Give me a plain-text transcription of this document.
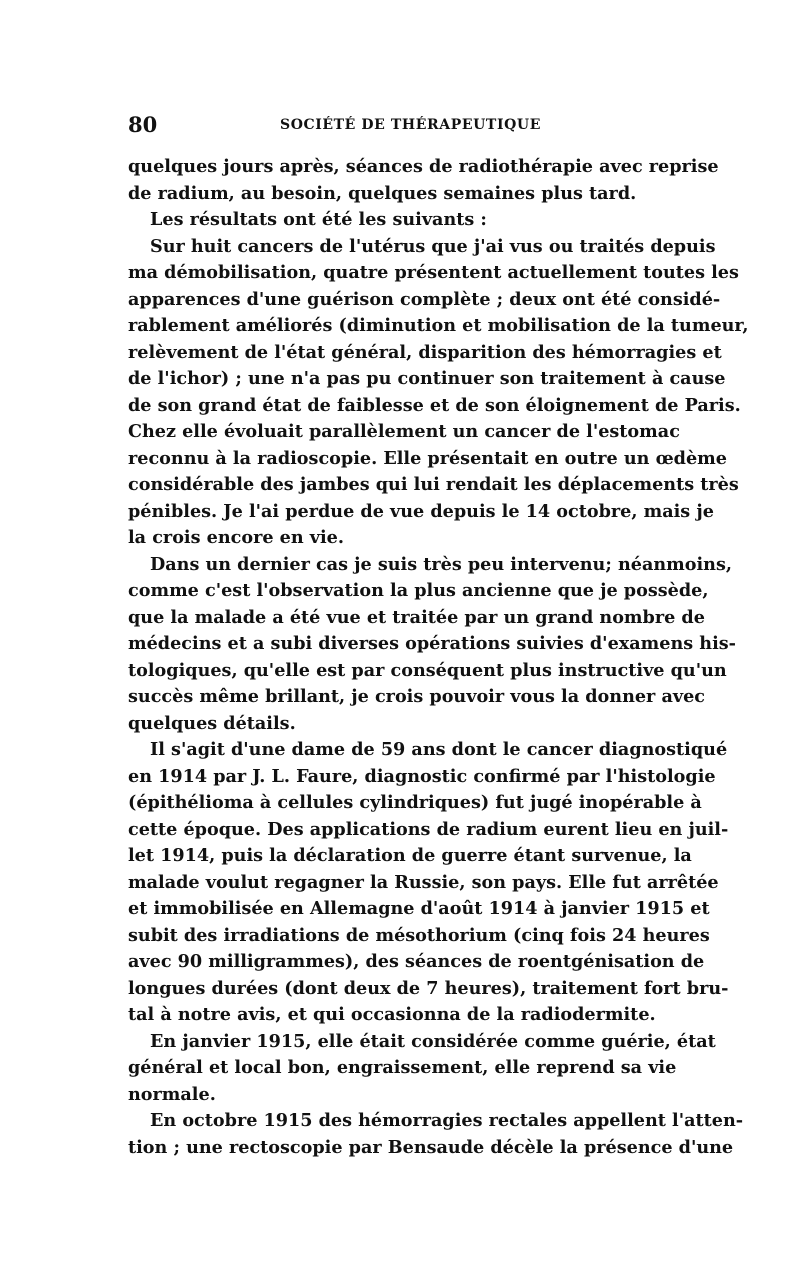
80	SOCIÉTÉ DE THÉRAPEUTIQUE
quelques jours après, séances de radiothérapie avec reprise
de radium, au besoin, quelques semaines plus tard.
Les résultats ont été les suivants :
Sur huit cancers de l'utérus que j'ai vus ou traités depuis
ma démobilisation, quatre présentent actuellement toutes les
apparences d'une guérison complète ; deux ont été considé-
rablement améliorés (diminution et mobilisation de la tumeur,
relèvement de l'état général, disparition des hémorragies et
de l'ichor) ; une n'a pas pu continuer son traitement à cause
de son grand état de faiblesse et de son éloignement de Paris.
Chez elle évoluait parallèlement un cancer de l'estomac
reconnu à la radioscopie. Elle présentait en outre un œdème
considérable des jambes qui lui rendait les déplacements très
pénibles. Je l'ai perdue de vue depuis le 14 octobre, mais je
la crois encore en vie.
Dans un dernier cas je suis très peu intervenu; néanmoins,
comme c'est l'observation la plus ancienne que je possède,
que la malade a été vue et traitée par un grand nombre de
médecins et a subi diverses opérations suivies d'examens his-
tologiques, qu'elle est par conséquent plus instructive qu'un
succès même brillant, je crois pouvoir vous la donner avec
quelques détails.
Il s'agit d'une dame de 59 ans dont le cancer diagnostiqué
en 1914 par J. L. Faure, diagnostic confirmé par l'histologie
(épithélioma à cellules cylindriques) fut jugé inopérable à
cette époque. Des applications de radium eurent lieu en juil-
let 1914, puis la déclaration de guerre étant survenue, la
malade voulut regagner la Russie, son pays. Elle fut arrêtée
et immobilisée en Allemagne d'août 1914 à janvier 1915 et
subit des irradiations de mésothorium (cinq fois 24 heures
avec 90 milligrammes), des séances de roentgénisation de
longues durées (dont deux de 7 heures), traitement fort bru-
tal à notre avis, et qui occasionna de la radiodermite.
En janvier 1915, elle était considérée comme guérie, état
général et local bon, engraissement, elle reprend sa vie
normale.
En octobre 1915 des hémorragies rectales appellent l'atten-
tion ; une rectoscopie par Bensaude décèle la présence d'une
